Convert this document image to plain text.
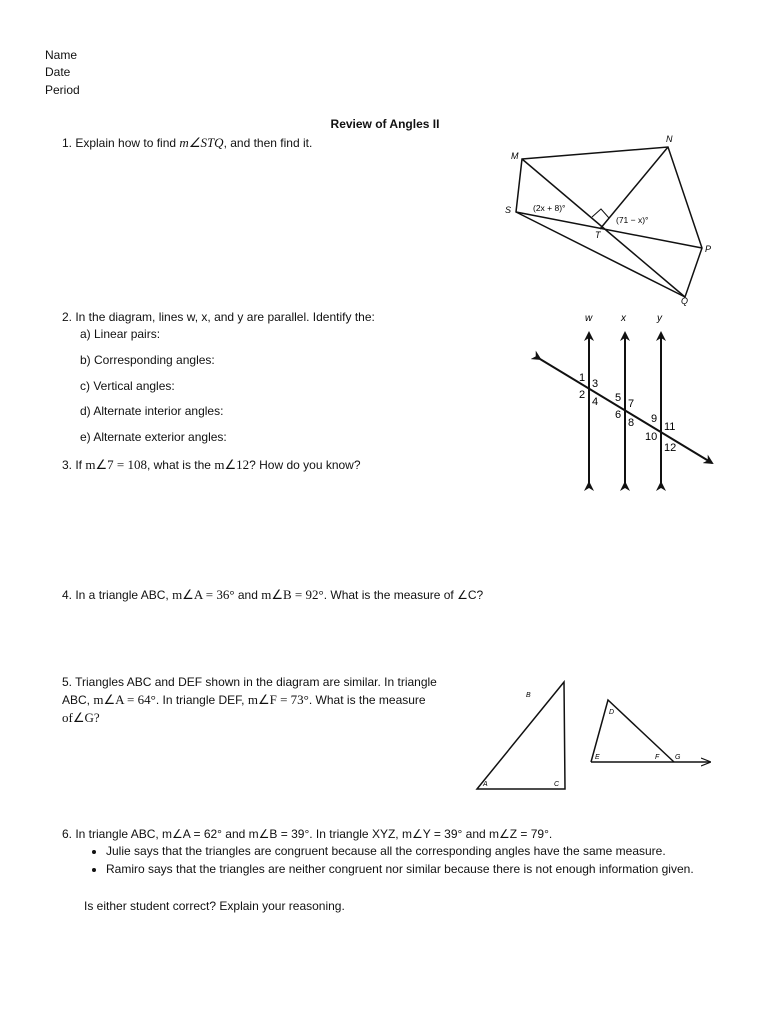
Name
Date
Period
Review of Angles II
1. Explain how to find m∠STQ, and then find it.
M
N
S
T
P
Q
(2x + 8)°
(71 − x)°
2. In the diagram, lines w, x, and y are parallel. Identify the:
a) Linear pairs:
b) Corresponding angles:
c) Vertical angles:
d) Alternate interior angles:
e) Alternate exterior angles:
w	x	y
1
2
3
4 5
6
7
8 9
10
11
12
3. If m∠7 = 108, what is the m∠12? How do you know?
4. In a triangle ABC, m∠A = 36° and m∠B = 92°. What is the measure of ∠C?
5. Triangles ABC and DEF shown in the diagram are similar. In triangle
ABC, m∠A = 64°. In triangle DEF, m∠F = 73°. What is the measure
of∠G?
A
B
C
D
E	F G
6. In triangle ABC, m∠A = 62° and m∠B = 39°. In triangle XYZ, m∠Y = 39° and m∠Z = 79°.
• Julie says that the triangles are congruent because all the corresponding angles have the same measure.
• Ramiro says that the triangles are neither congruent nor similar because there is not enough information given.
Is either student correct? Explain your reasoning.
